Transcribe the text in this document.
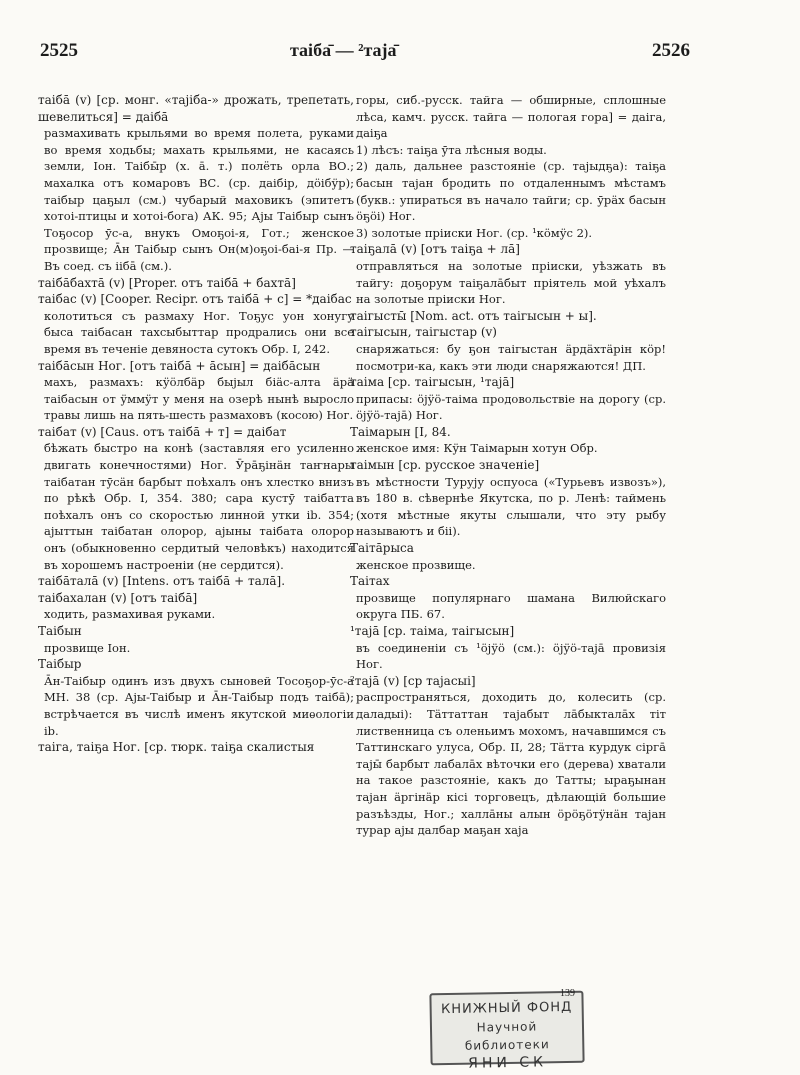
2525	таіба̄ — ²таја̄	2526
таіба̄ (v) [ср. монг. «тајіба-» дрожать, трепетать, шевелиться] = даіба̄
размахивать крыльями во время полета, руками во время ходьбы; махать крыльями, не касаясь земли, Іон. Таібы̄р (х. а̄. т.) полёть орла ВО.; махалка отъ комаровъ ВС. (ср. даібір, дöібӱр); таібыр цаҕыл (см.) чубарый маховикъ (эпитетъ хотоі-птицы и хотоі-бога) АК. 95; Ајы Таібыр сынъ Тоҕосор ӯс-а, внукъ Омоҕоі-я, Гот.; женское прозвище; А̄н Таібыр сынъ Он(м)оҕоі-баі-я Пр. — Въ соед. съ іібā (см.).
таіба̄бахта̄ (v) [Proper. отъ таіба̄ + бахта̄]
таібас (v) [Cooper. Recipr. отъ таіба̄ + с] = *даібас
колотиться съ размаху Ног. Тоҕус уон хонугу быса таібасан тахсыбыттар продрались они все время въ теченіе девяноста сутокъ Обр. I, 242.
таіба̄сын Ног. [отъ таіба̄ + а̄сын] = даіба̄сын
махъ, размахъ: кӱöлбäр быјыл біäс-алта äрä таібасын от ӱммӱт у меня на озерѣ нынѣ выросло травы лишь на пять-шесть размаховъ (косою) Ног.
таібат (v) [Caus. отъ таіба̄ + т] = даібат
бѣжать быстро на конѣ (заставляя его усиленно двигать конечностями) Ног. Ӯра̄ҕінäн таҥнары таібатан тӯсäн барбыт поѣхалъ онъ хлестко внизъ по рѣкѣ Обр. I, 354. 380; сара кустӯ таібатта поѣхалъ онъ со скоростью линной утки ib. 354; ајыттын таібатан олорор, ајыны таібата олорор онъ (обыкновенно сердитый человѣкъ) находится въ хорошемъ настроеніи (не сердится).
таіба̄тала̄ (v) [Intens. отъ таіба̄ + тала̄].
таібахалан (v) [отъ таіба̄]
ходить, размахивая руками.
Таібын
прозвище Іон.
Таібыр
А̄н-Таібыр одинъ изъ двухъ сыновей Тосоҕор-ӯс-а МН. 38 (ср. Ајы-Таібыр и А̄н-Таібыр подъ таіба̄); встрѣчается въ числѣ именъ якутской миѳологіи ib.
таіга, таіҕа Ног. [ср. тюрк. таіҕа скалистыя
горы, сиб.-русск. тайга — обширные, сплошные лѣса, камч. русск. тайга — пологая гора] = даіга, даіҕа
1) лѣсъ: таіҕа ӯта лѣсныя воды.
2) даль, дальнее разстояніе (ср. тајыдҕа): таіҕа басын тајан бродить по отдаленнымъ мѣстамъ (букв.: упираться въ начало тайги; ср. ӯрäх басын öҕöі) Ног.
3) золотые пріиски Ног. (ср. ¹кöмӱс 2).
таіҕала̄ (v) [отъ таіҕа + ла̄]
отправляться на золотые пріиски, уѣзжать въ тайгу: доҕорум таіҕала̄быт пріятель мой уѣхалъ на золотые пріиски Ног.
таігысты̄ [Nom. act. отъ таігысын + ы].
таігысын, таігыстар (v)
снаряжаться: бу ҕон таігыстан äрдäхтäрін кöр! посмотри-ка, какъ эти люди снаряжаются! ДП.
таіма [ср. таігысын, ¹таја̄]
припасы: öјӱö-таіма продовольствіе на дорогу (ср. öјӱö-таја̄) Ног.
Таімарын [I, 84.
женское имя: Кӱн Таімарын хотун Обр.
таімын [ср. русское значеніе]
въ мѣстности Турују оспуоса («Турьевъ извозъ»), въ 180 в. сѣвернѣе Якутска, по р. Ленѣ: таймень (хотя мѣстные якуты слышали, что эту рыбу называютъ и біі).
Таіта̄рыса
женское прозвище.
Таітах
прозвище популярнаго шамана Вилюйскаго округа ПБ. 67.
¹таја̄ [ср. таіма, таігысын]
въ соединеніи съ ¹öјӱö (см.): öјӱö-таја̄ провизія Ног.
²таја̄ (v) [ср тајасыі]
распространяться, доходить до, колесить (ср. даладыі): Тäттаттан тајабыт ла̄быктала̄х тіт лиственница съ оленьимъ мохомъ, начавшимся съ Таттинскаго улуса, Обр. II, 28; Тäтта курдук сірга̄ тајы̄ барбыт лабала̄х вѣточки его (дерева) хватали на такое разстояніе, какъ до Татты; ыраҕынан тајан äргінäр кісі торговецъ, дѣлающій большие разъѣзды, Ног.; халла̄ны алын öрöҕöтӱнäн тајан турар ајы далбар маҕан хаја
КНИЖНЫЙ ФОНД
Научной библиотеки
ЯНИ СК
139
